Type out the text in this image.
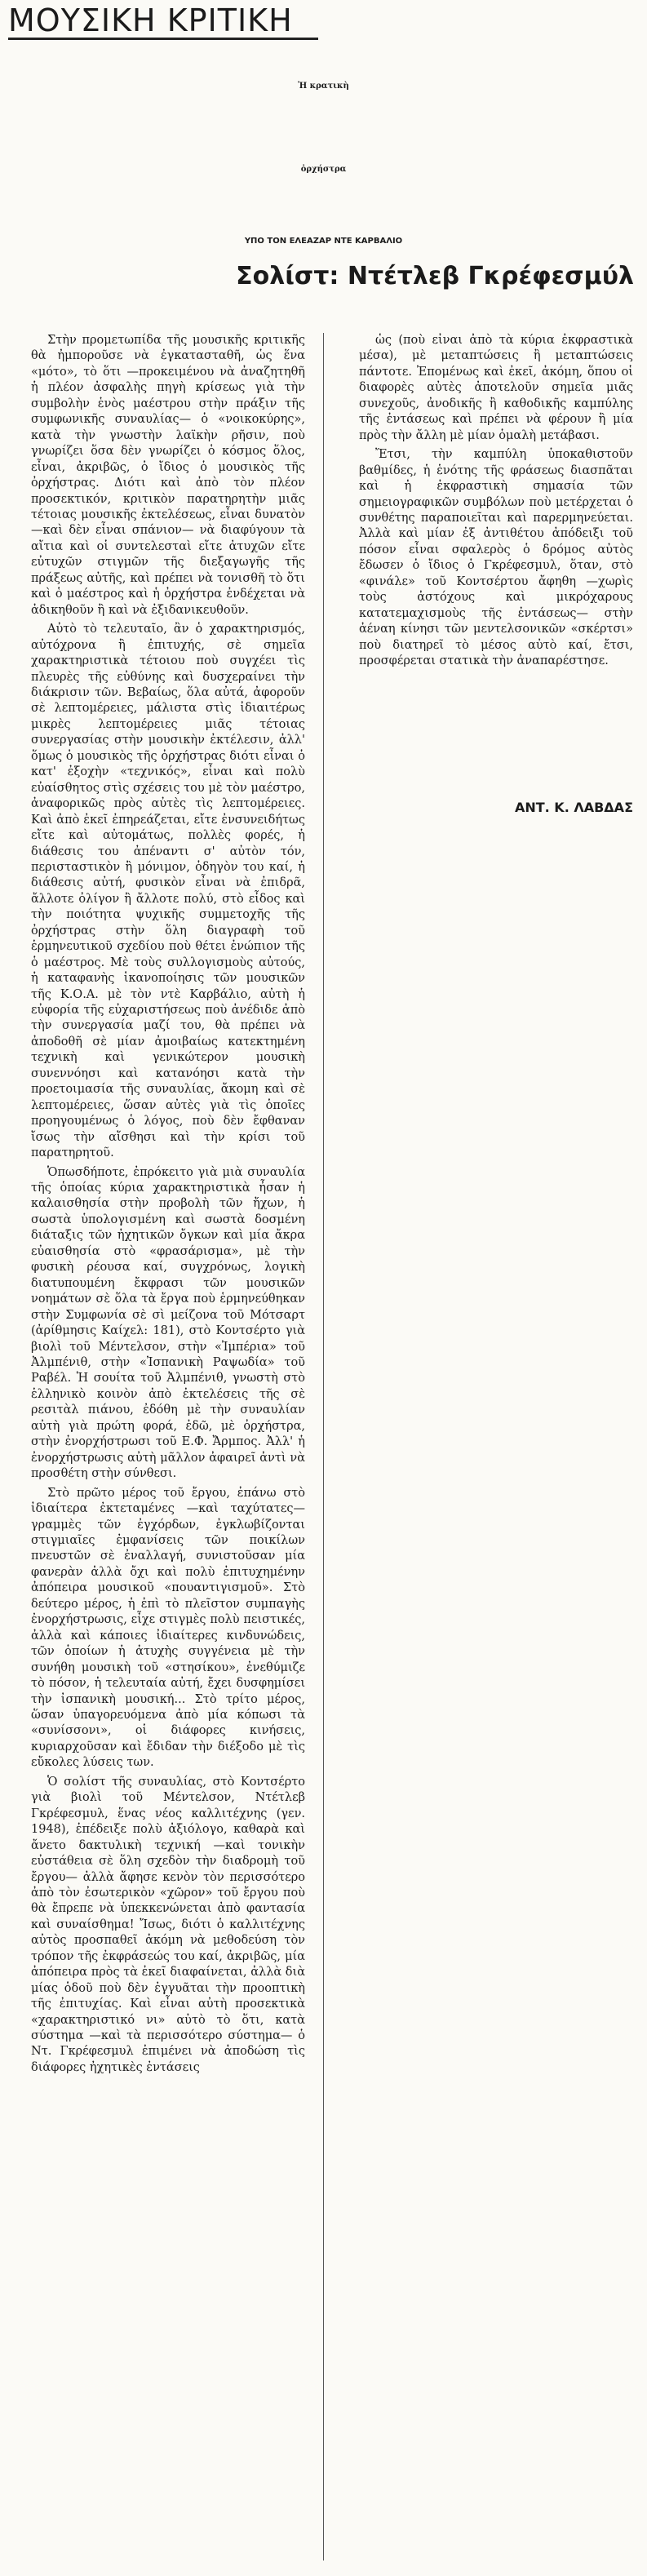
ΜΟΥΣΙΚΗ ΚΡΙΤΙΚΗ
Ἡ κρατικὴ
ὀρχήστρα
ΥΠΟ ΤΟΝ ΕΛΕΑΖΑΡ ΝΤΕ ΚΑΡΒΑΛΙΟ
Σολίστ: Ντέτλεβ Γκρέφεσμύλ

Στὴν προμετωπίδα τῆς μουσικῆς κριτικῆς θὰ ἠμποροῦσε νὰ ἐγκατασταθῆ, ὡς ἕνα «μότο», τὸ ὅτι —προκειμένου νὰ ἀναζητηθῆ ἡ πλέον ἀσφαλὴς πηγὴ κρίσεως γιὰ τὴν συμβολὴν ἑνὸς μαέστρου στὴν πράξιν τῆς συμφωνικῆς συναυλίας— ὁ «νοικοκύρης», κατὰ τὴν γνωστὴν λαϊκὴν ρῆσιν, ποὺ γνωρίζει ὅσα δὲν γνωρίζει ὁ κόσμος ὅλος, εἶναι, ἀκριβῶς, ὁ ἴδιος ὁ μουσικὸς τῆς ὀρχήστρας. Διότι καὶ ἀπὸ τὸν πλέον προσεκτικόν, κριτικὸν παρατηρητὴν μιᾶς τέτοιας μουσικῆς ἐκτελέσεως, εἶναι δυνατὸν —καὶ δὲν εἶναι σπάνιον— νὰ διαφύγουν τὰ αἴτια καὶ οἱ συντελεσταὶ εἴτε ἀτυχῶν εἴτε εὐτυχῶν στιγμῶν τῆς διεξαγωγῆς τῆς πράξεως αὐτῆς, καὶ πρέπει νὰ τονισθῆ τὸ ὅτι καὶ ὁ μαέστρος καὶ ἡ ὀρχήστρα ἐνδέχεται νὰ ἀδικηθοῦν ἢ καὶ νὰ ἐξιδανικευθοῦν.

Αὐτὸ τὸ τελευταῖο, ἂν ὁ χαρακτηρισμός, αὐτόχρονα ἢ ἐπιτυχής, σὲ σημεῖα χαρακτηριστικὰ τέτοιου ποὺ συγχέει τὶς πλευρὲς τῆς εὐθύνης καὶ δυσχεραίνει τὴν διάκρισιν τῶν. Βεβαίως, ὅλα αὐτά, ἀφοροῦν σὲ λεπτομέρειες, μάλιστα στὶς ἰδιαιτέρως μικρὲς λεπτομέρειες μιᾶς τέτοιας συνεργασίας στὴν μουσικὴν ἐκτέλεσιν, ἀλλ' ὅμως ὁ μουσικὸς τῆς ὀρχήστρας διότι εἶναι ὁ κατ' ἐξοχὴν «τεχνικός», εἶναι καὶ πολὺ εὐαίσθητος στὶς σχέσεις του μὲ τὸν μαέστρο, ἀναφορικῶς πρὸς αὐτὲς τὶς λεπτομέρειες. Καὶ ἀπὸ ἐκεῖ ἐπηρεάζεται, εἴτε ἐνσυνειδήτως εἴτε καὶ αὐτομάτως, πολλὲς φορές, ἡ διάθεσις του ἀπέναντι σ' αὐτὸν τόν, περισταστικὸν ἢ μόνιμον, ὁδηγὸν του καί, ἡ διάθεσις αὐτή, φυσικὸν εἶναι νὰ ἐπιδρᾶ, ἄλλοτε ὀλίγον ἢ ἄλλοτε πολύ, στὸ εἶδος καὶ τὴν ποιότητα ψυχικῆς συμμετοχῆς τῆς ὀρχήστρας στὴν ὅλη διαγραφὴ τοῦ ἑρμηνευτικοῦ σχεδίου ποὺ θέτει ἐνώπιον τῆς ὁ μαέστρος. Μὲ τοὺς συλλογισμοὺς αὐτούς, ἡ καταφανὴς ἱκανοποίησις τῶν μουσικῶν τῆς Κ.Ο.Α. μὲ τὸν ντὲ Καρβάλιο, αὐτὴ ἡ εὐφορία τῆς εὐχαριστήσεως ποὺ ἀνέδιδε ἀπὸ τὴν συνεργασία μαζί του, θὰ πρέπει νὰ ἀποδοθῆ σὲ μίαν ἀμοιβαίως κατεκτημένη τεχνικὴ καὶ γενικώτερον μουσικὴ συνεννόησι καὶ κατανόησι κατὰ τὴν προετοιμασία τῆς συναυλίας, ἄκομη καὶ σὲ λεπτομέρειες, ὥσαν αὐτὲς γιὰ τὶς ὁποῖες προηγουμένως ὁ λόγος, ποὺ δὲν ἔφθαναν ἴσως τὴν αἴσθησι καὶ τὴν κρίσι τοῦ παρατηρητοῦ.

Ὁπωσδήποτε, ἐπρόκειτο γιὰ μιὰ συναυλία τῆς ὁποίας κύρια χαρακτηριστικὰ ἦσαν ἡ καλαισθησία στὴν προβολὴ τῶν ἤχων, ἡ σωστὰ ὑπολογισμένη καὶ σωστὰ δοσμένη διάταξις τῶν ἠχητικῶν ὄγκων καὶ μία ἄκρα εὐαισθησία στὸ «φρασάρισμα», μὲ τὴν φυσικὴ ρέουσα καί, συγχρόνως, λογικὴ διατυπουμένη ἔκφρασι τῶν μουσικῶν νοημάτων σὲ ὅλα τὰ ἔργα ποὺ ἑρμηνεύθηκαν στὴν Συμφωνία σὲ σὶ μείζονα τοῦ Μότσαρτ (ἀρίθμησις Καίχελ: 181), στὸ Κοντσέρτο γιὰ βιολὶ τοῦ Μέντελσον, στὴν «Ἰμπέρια» τοῦ Ἀλμπένιθ, στὴν «Ἰσπανικὴ Ραψωδία» τοῦ Ραβέλ. Ἡ σουίτα τοῦ Ἀλμπένιθ, γνωστὴ στὸ ἑλληνικὸ κοινὸν ἀπὸ ἐκτελέσεις τῆς σὲ ρεσιτὰλ πιάνου, ἐδόθη μὲ τὴν συναυλίαν αὐτὴ γιὰ πρώτη φορά, ἐδῶ, μὲ ὀρχήστρα, στὴν ἐνορχήστρωσι τοῦ Ε.Φ. Ἄρμπος. Ἀλλ' ἡ ἐνορχήστρωσις αὐτὴ μᾶλλον ἀφαιρεῖ ἀντὶ νὰ προσθέτη στὴν σύνθεσι.

Στὸ πρῶτο μέρος τοῦ ἔργου, ἐπάνω στὸ ἰδιαίτερα ἐκτεταμένες —καὶ ταχύτατες— γραμμὲς τῶν ἐγχόρδων, ἐγκλωβίζονται στιγμιαῖες ἐμφανίσεις τῶν ποικίλων πνευστῶν σὲ ἐναλλαγή, συνιστοῦσαν μία φανερὰν ἀλλὰ ὄχι καὶ πολὺ ἐπιτυχημένην ἀπόπειρα μουσικοῦ «πουαντιγισμοῦ». Στὸ δεύτερο μέρος, ἡ ἐπὶ τὸ πλεῖστον συμπαγὴς ἐνορχήστρωσις, εἶχε στιγμὲς πολὺ πειστικές, ἀλλὰ καὶ κάποιες ἰδιαίτερες κινδυνώδεις, τῶν ὁποίων ἡ ἀτυχὴς συγγένεια μὲ τὴν συνήθη μουσικὴ τοῦ «στησίκου», ἐνεθύμιζε τὸ πόσον, ἡ τελευταία αὐτή, ἔχει δυσφημίσει τὴν ἰσπανικὴ μουσική... Στὸ τρίτο μέρος, ὥσαν ὑπαγορευόμενα ἀπὸ μία κόπωσι τὰ «συνίσσονι», οἱ διάφορες κινήσεις, κυριαρχοῦσαν καὶ ἔδιδαν τὴν διέξοδο μὲ τὶς εὔκολες λύσεις των.

Ὁ σολίστ τῆς συναυλίας, στὸ Κοντσέρτο γιὰ βιολὶ τοῦ Μέντελσον, Ντέτλεβ Γκρέφεσμυλ, ἕνας νέος καλλιτέχνης (γεν. 1948), ἐπέδειξε πολὺ ἀξιόλογο, καθαρὰ καὶ ἄνετο δακτυλικὴ τεχνική —καὶ τονικὴν εὐστάθεια σὲ ὅλη σχεδὸν τὴν διαδρομὴ τοῦ ἔργου— ἀλλὰ ἄφησε κενὸν τὸν περισσότερο ἀπὸ τὸν ἐσωτερικὸν «χῶρον» τοῦ ἔργου ποὺ θὰ ἔπρεπε νὰ ὑπεκκενώνεται ἀπὸ φαντασία καὶ συναίσθημα! Ἴσως, διότι ὁ καλλιτέχνης αὐτὸς προσπαθεῖ ἀκόμη νὰ μεθοδεύση τὸν τρόπον τῆς ἐκφράσεώς του καί, ἀκριβῶς, μία ἀπόπειρα πρὸς τὰ ἐκεῖ διαφαίνεται, ἀλλὰ διὰ μίας ὁδοῦ ποὺ δὲν ἐγγυᾶται τὴν προοπτικὴ τῆς ἐπιτυχίας. Καὶ εἶναι αὐτὴ προσεκτικὰ «χαρακτηριστικό νι» αὐτὸ τὸ ὅτι, κατὰ σύστημα —καὶ τὰ περισσότερο σύστημα— ὁ Ντ. Γκρέφεσμυλ ἐπιμένει νὰ ἀποδώση τὶς διάφορες ἠχητικὲς ἐντάσεις

ὡς (ποὺ εἶναι ἀπὸ τὰ κύρια ἐκφραστικὰ μέσα), μὲ μεταπτώσεις ἢ μεταπτώσεις πάντοτε. Ἐπομένως καὶ ἐκεῖ, ἀκόμη, ὅπου οἱ διαφορὲς αὐτὲς ἀποτελοῦν σημεῖα μιᾶς συνεχοῦς, ἀνοδικῆς ἢ καθοδικῆς καμπύλης τῆς ἐντάσεως καὶ πρέπει νὰ φέρουν ἢ μία πρὸς τὴν ἄλλη μὲ μίαν ὁμαλὴ μετάβασι.

Ἔτσι, τὴν καμπύλη ὑποκαθιστοῦν βαθμίδες, ἡ ἑνότης τῆς φράσεως διασπᾶται καὶ ἡ ἐκφραστικὴ σημασία τῶν σημειογραφικῶν συμβόλων ποὺ μετέρχεται ὁ συνθέτης παραποιεῖται καὶ παρερμηνεύεται. Ἀλλὰ καὶ μίαν ἐξ ἀντιθέτου ἀπόδειξι τοῦ πόσον εἶναι σφαλερὸς ὁ δρόμος αὐτὸς ἔδωσεν ὁ ἴδιος ὁ Γκρέφεσμυλ, ὅταν, στὸ «φινάλε» τοῦ Κοντσέρτου ἄφηθη —χωρὶς τοὺς ἀστόχους καὶ μικρόχαρους κατατεμαχισμοὺς τῆς ἐντάσεως— στὴν ἀέναη κίνησι τῶν μεντελσονικῶν «σκέρτσι» ποὺ διατηρεῖ τὸ μέσος αὐτὸ καί, ἔτσι, προσφέρεται στατικὰ τὴν ἀναπαρέστησε.

ΑΝΤ. Κ. ΛΑΒΔΑΣ
